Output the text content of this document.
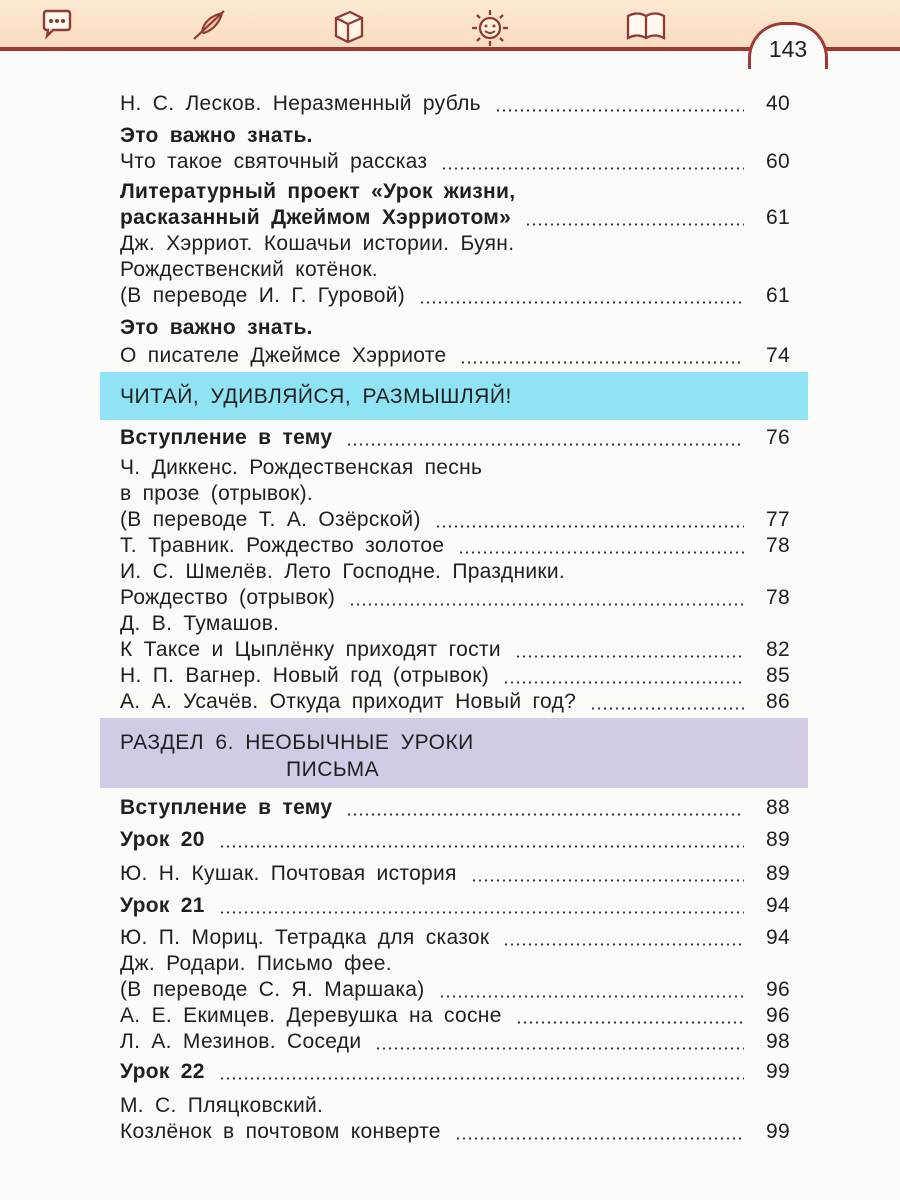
143
ЧИТАЙ, УДИВЛЯЙСЯ, РАЗМЫШЛЯЙ!
РАЗДЕЛ 6. НЕОБЫЧНЫЕ УРОКИ
ПИСЬМА
Н. С. Лесков. Неразменный рубль	40
Это важно знать.
Что такое святочный рассказ	60
Литературный проект «Урок жизни,
расказанный Джеймом Хэрриотом»	61
Дж. Хэрриот. Кошачьи истории. Буян.
Рождественский котёнок.
(В переводе И. Г. Гуровой)	61
Это важно знать.
О писателе Джеймсе Хэрриоте	74
Вступление в тему	76
Ч. Диккенс. Рождественская песнь
в прозе (отрывок).
(В переводе Т. А. Озёрской)	77
Т. Травник. Рождество золотое	78
И. С. Шмелёв. Лето Господне. Праздники.
Рождество (отрывок)	78
Д. В. Тумашов.
К Таксе и Цыплёнку приходят гости	82
Н. П. Вагнер. Новый год (отрывок)	85
А. А. Усачёв. Откуда приходит Новый год?	86
Вступление в тему	88
Урок 20	89
Ю. Н. Кушак. Почтовая история	89
Урок 21	94
Ю. П. Мориц. Тетрадка для сказок	94
Дж. Родари. Письмо фее.
(В переводе С. Я. Маршака)	96
А. Е. Екимцев. Деревушка на сосне	96
Л. А. Мезинов. Соседи	98
Урок 22	99
М. С. Пляцковский.
Козлёнок в почтовом конверте	99
